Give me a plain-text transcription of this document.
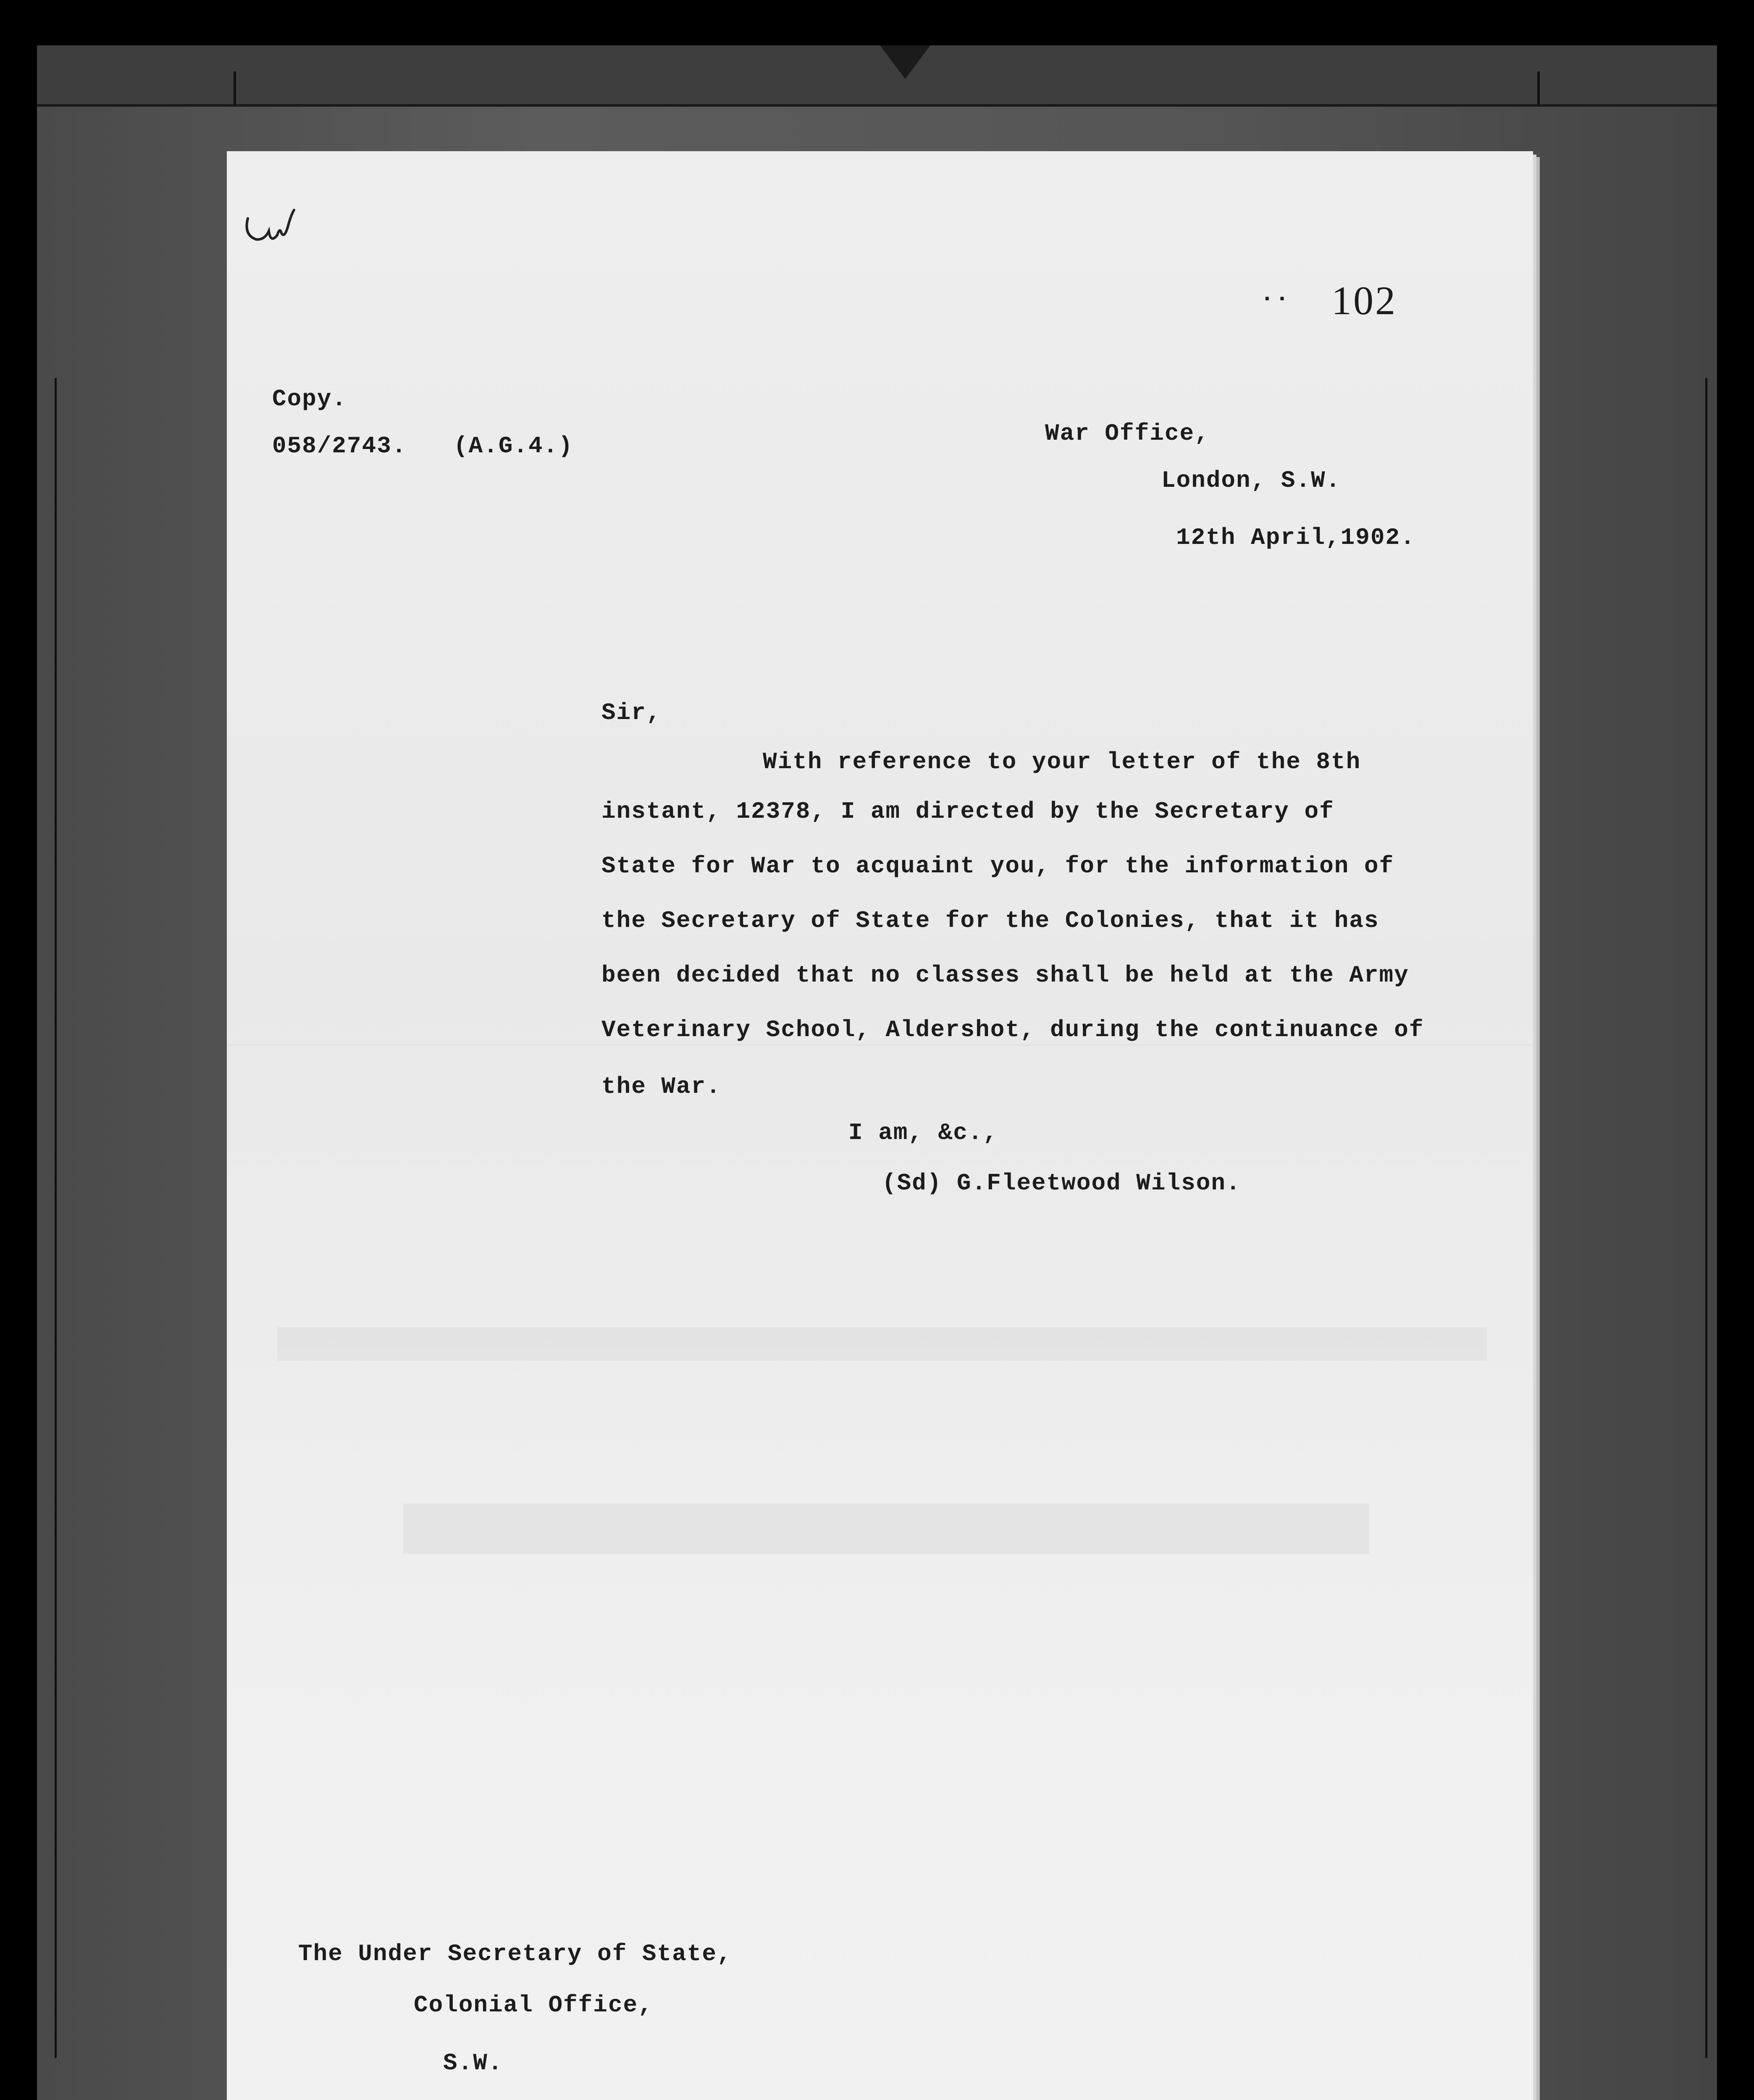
.. 102
Copy.
058/2743. (A.G.4.)	War Office,
London, S.W.
12th April,1902.
Sir,
With reference to your letter of the 8th
instant, 12378, I am directed by the Secretary of
State for War to acquaint you, for the information of
the Secretary of State for the Colonies, that it has
been decided that no classes shall be held at the Army
Veterinary School, Aldershot, during the continuance of
the War.
I am, &c.,
(Sd) G.Fleetwood Wilson.
The Under Secretary of State,
Colonial Office,
S.W.
